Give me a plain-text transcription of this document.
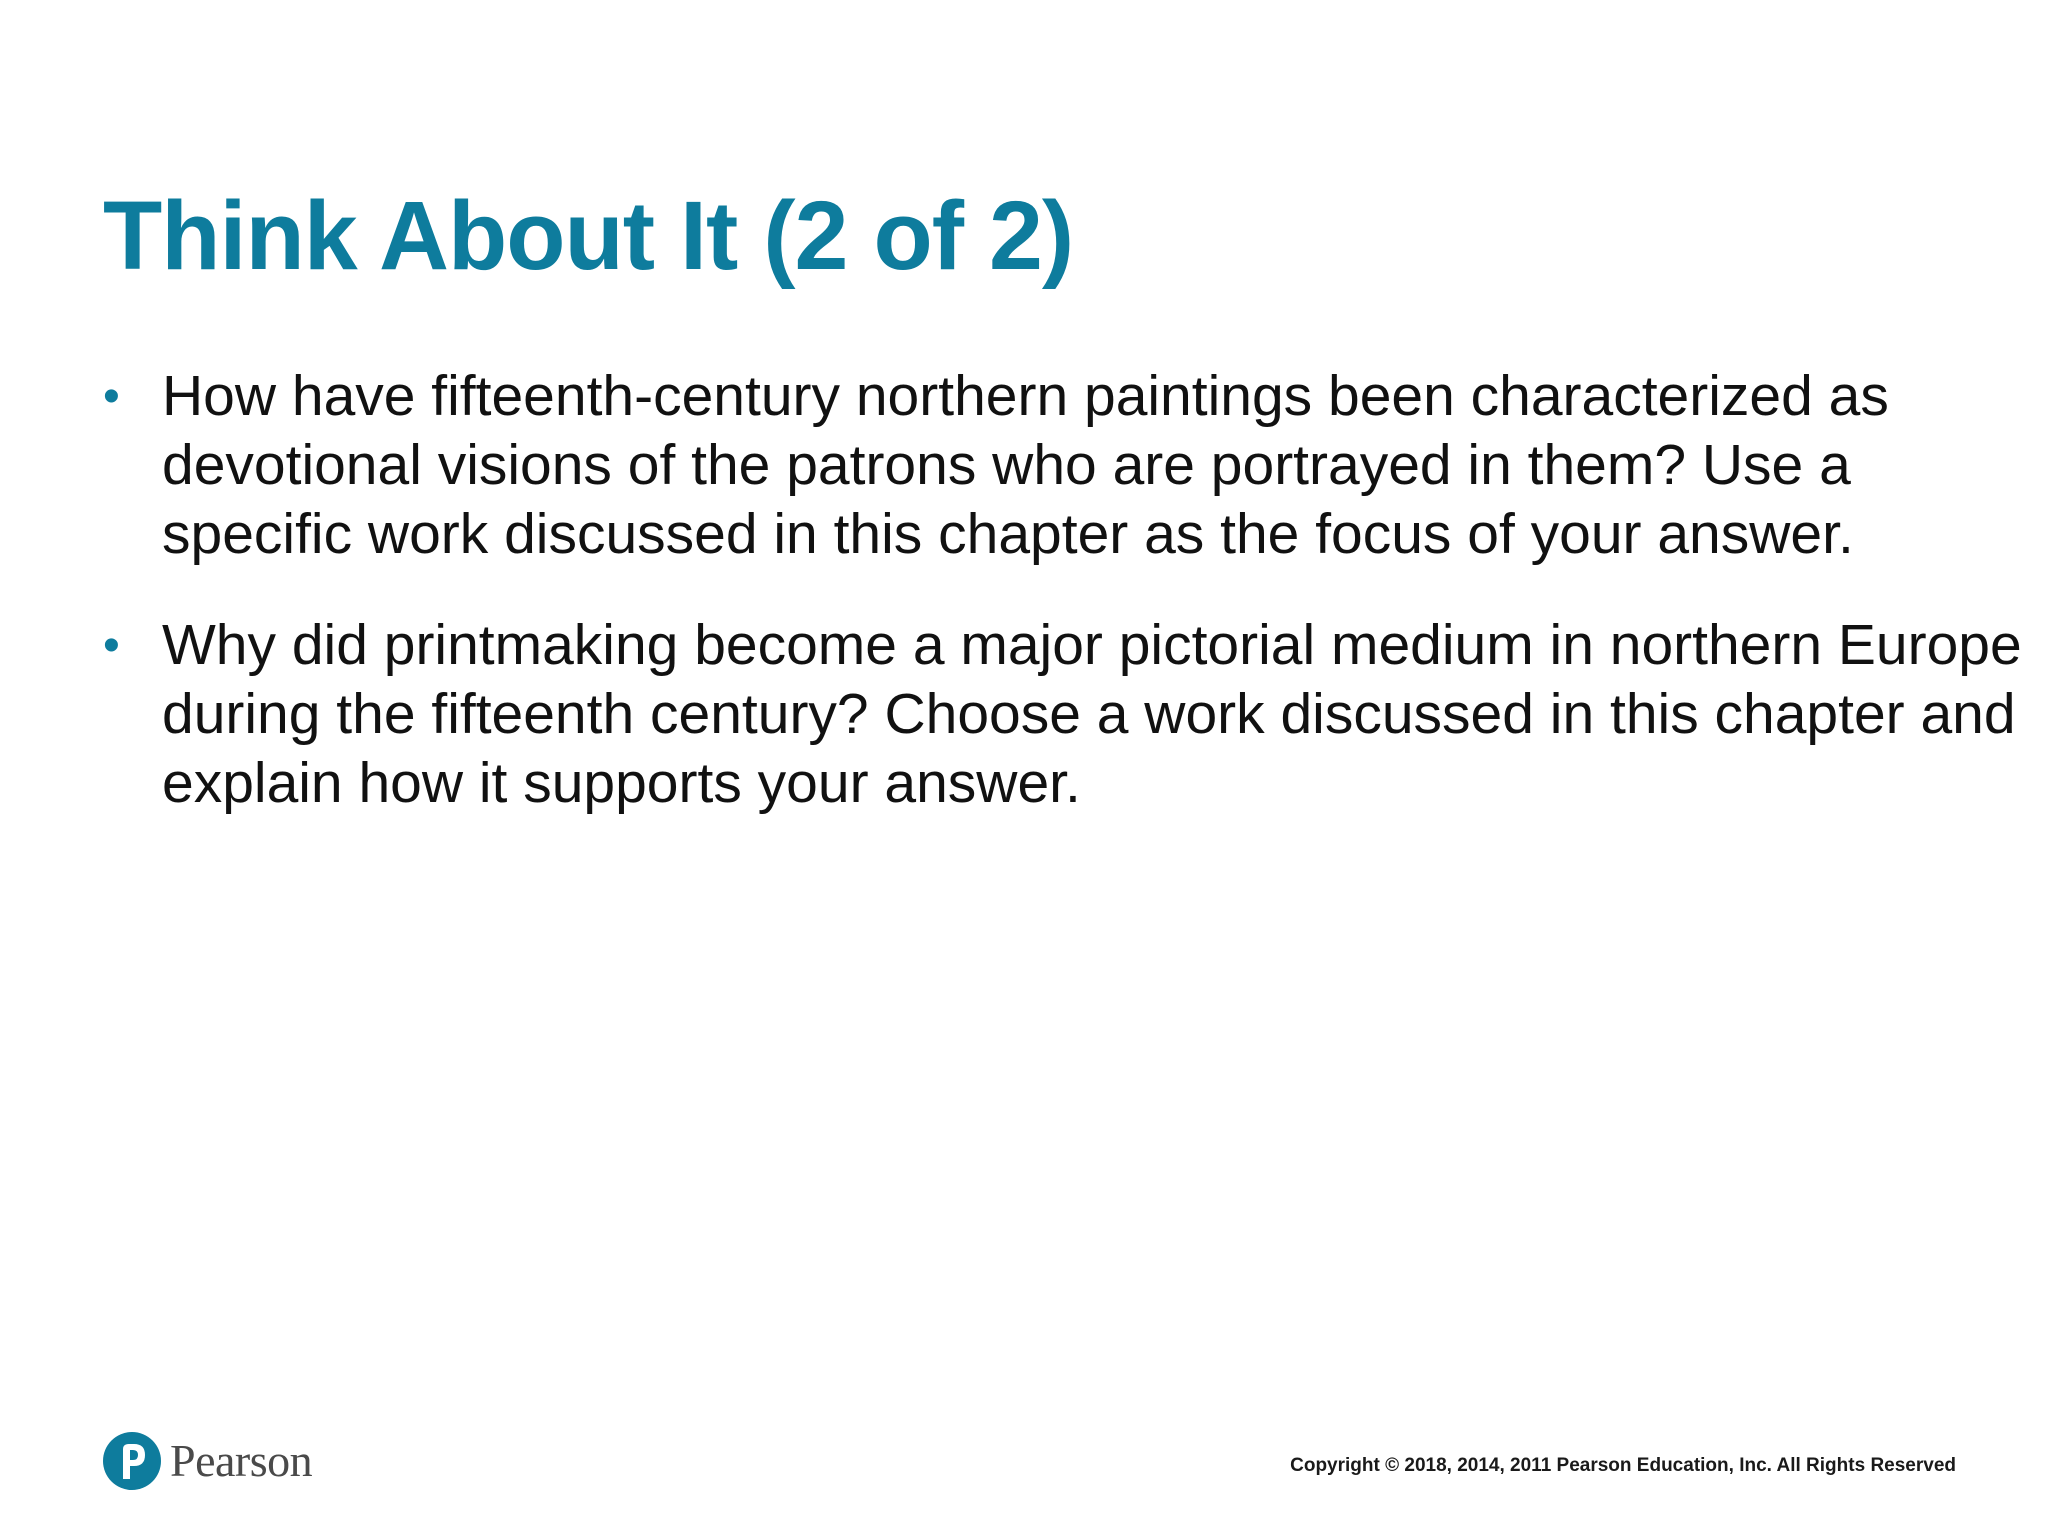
Think About It (2 of 2)
• How have fifteenth-century northern paintings been characterized as devotional visions of the patrons who are portrayed in them? Use a specific work discussed in this chapter as the focus of your answer.
• Why did printmaking become a major pictorial medium in northern Europe during the fifteenth century? Choose a work discussed in this chapter and explain how it supports your answer.
Pearson	Copyright © 2018, 2014, 2011 Pearson Education, Inc. All Rights Reserved
